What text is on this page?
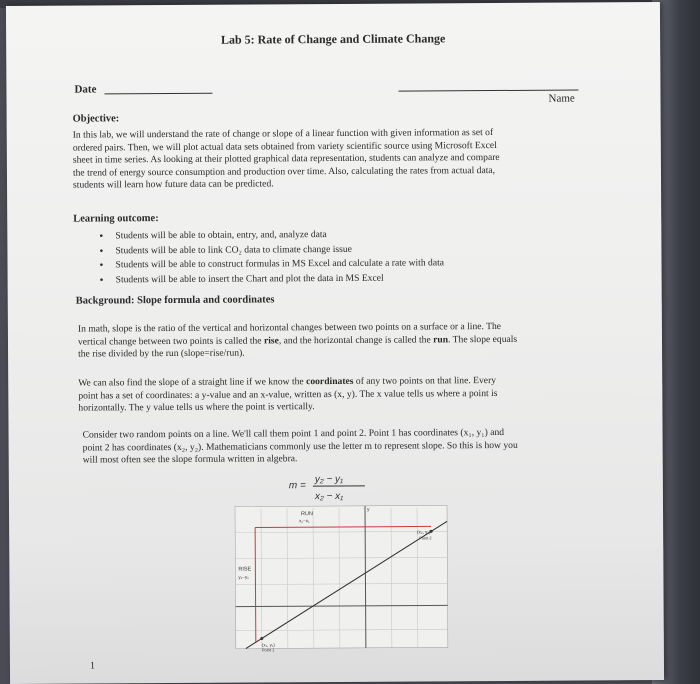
Lab 5: Rate of Change and Climate Change
Date
Name
Objective:
In this lab, we will understand the rate of change or slope of a linear function with given information as set of
ordered pairs. Then, we will plot actual data sets obtained from variety scientific source using Microsoft Excel
sheet in time series. As looking at their plotted graphical data representation, students can analyze and compare
the trend of energy source consumption and production over time. Also, calculating the rates from actual data,
students will learn how future data can be predicted.
Learning outcome:
• Students will be able to obtain, entry, and, analyze data
• Students will be able to link CO₂ data to climate change issue
• Students will be able to construct formulas in MS Excel and calculate a rate with data
• Students will be able to insert the Chart and plot the data in MS Excel
Background: Slope formula and coordinates
In math, slope is the ratio of the vertical and horizontal changes between two points on a surface or a line. The
vertical change between two points is called the rise, and the horizontal change is called the run. The slope equals
the rise divided by the run (slope=rise/run).
We can also find the slope of a straight line if we know the coordinates of any two points on that line. Every
point has a set of coordinates: a y-value and an x-value, written as (x, y). The x value tells us where a point is
horizontally. The y value tells us where the point is vertically.
Consider two random points on a line. We'll call them point 1 and point 2. Point 1 has coordinates (x₁, y₁) and
point 2 has coordinates (x₂, y₂). Mathematicians commonly use the letter m to represent slope. So this is how you
will most often see the slope formula written in algebra.
m =
y₂ − y₁
x₂ − x₁
y
RUN
x₂−x₁
RISE
y₂−y₁
(x₂, y₂)
Point 2
(x₁, y₁)
Point 1
1
